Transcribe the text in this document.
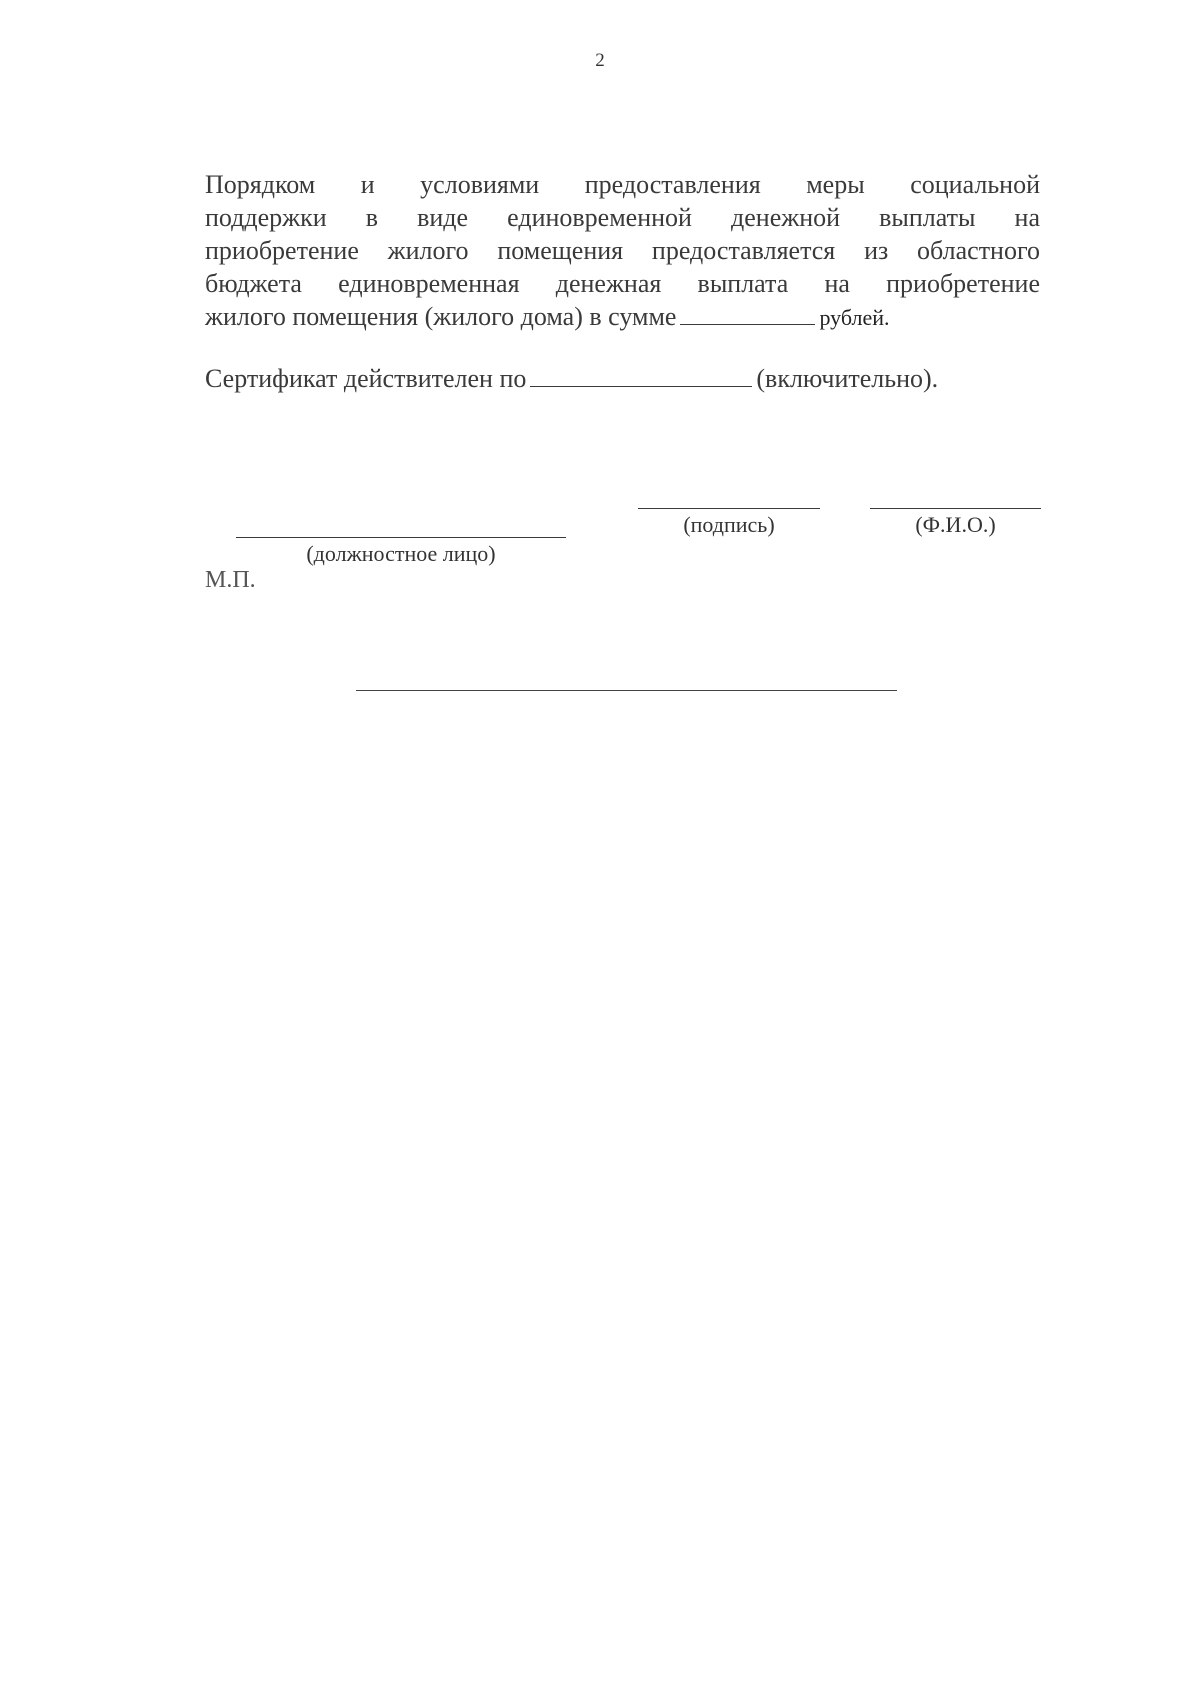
2
Порядком и условиями предоставления меры социальной
поддержки в виде единовременной денежной выплаты на
приобретение жилого помещения предоставляется из областного
бюджета единовременная денежная выплата на приобретение
жилого помещения (жилого дома) в сумме	рублей.
Сертификат действителен по	(включительно).
(должностное лицо)
(подпись)	(Ф.И.О.)
М.П.
